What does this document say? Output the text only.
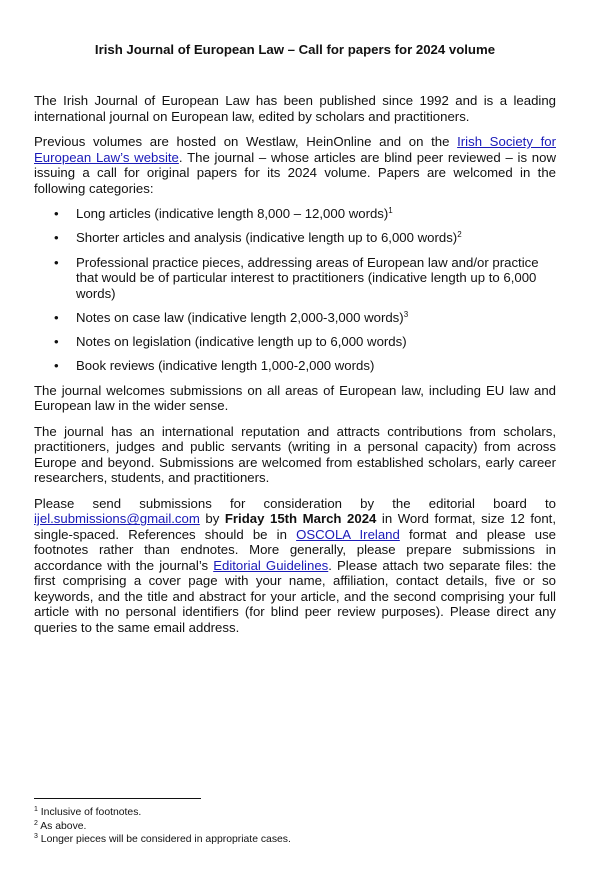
Irish Journal of European Law – Call for papers for 2024 volume

The Irish Journal of European Law has been published since 1992 and is a leading international journal on European law, edited by scholars and practitioners.

Previous volumes are hosted on Westlaw, HeinOnline and on the Irish Society for European Law’s website. The journal – whose articles are blind peer reviewed – is now issuing a call for original papers for its 2024 volume. Papers are welcomed in the following categories:

• Long articles (indicative length 8,000 – 12,000 words)$^1$
• Shorter articles and analysis (indicative length up to 6,000 words)$^2$
• Professional practice pieces, addressing areas of European law and/or practice that would be of particular interest to practitioners (indicative length up to 6,000 words)
• Notes on case law (indicative length 2,000-3,000 words)$^3$
• Notes on legislation (indicative length up to 6,000 words)
• Book reviews (indicative length 1,000-2,000 words)

The journal welcomes submissions on all areas of European law, including EU law and European law in the wider sense.

The journal has an international reputation and attracts contributions from scholars, practitioners, judges and public servants (writing in a personal capacity) from across Europe and beyond. Submissions are welcomed from established scholars, early career researchers, students, and practitioners.

Please send submissions for consideration by the editorial board to ijel.submissions@gmail.com by Friday 15th March 2024 in Word format, size 12 font, single-spaced. References should be in OSCOLA Ireland format and please use footnotes rather than endnotes. More generally, please prepare submissions in accordance with the journal’s Editorial Guidelines. Please attach two separate files: the first comprising a cover page with your name, affiliation, contact details, five or so keywords, and the title and abstract for your article, and the second comprising your full article with no personal identifiers (for blind peer review purposes). Please direct any queries to the same email address.

$^1$ Inclusive of footnotes.
$^2$ As above.
$^3$ Longer pieces will be considered in appropriate cases.
